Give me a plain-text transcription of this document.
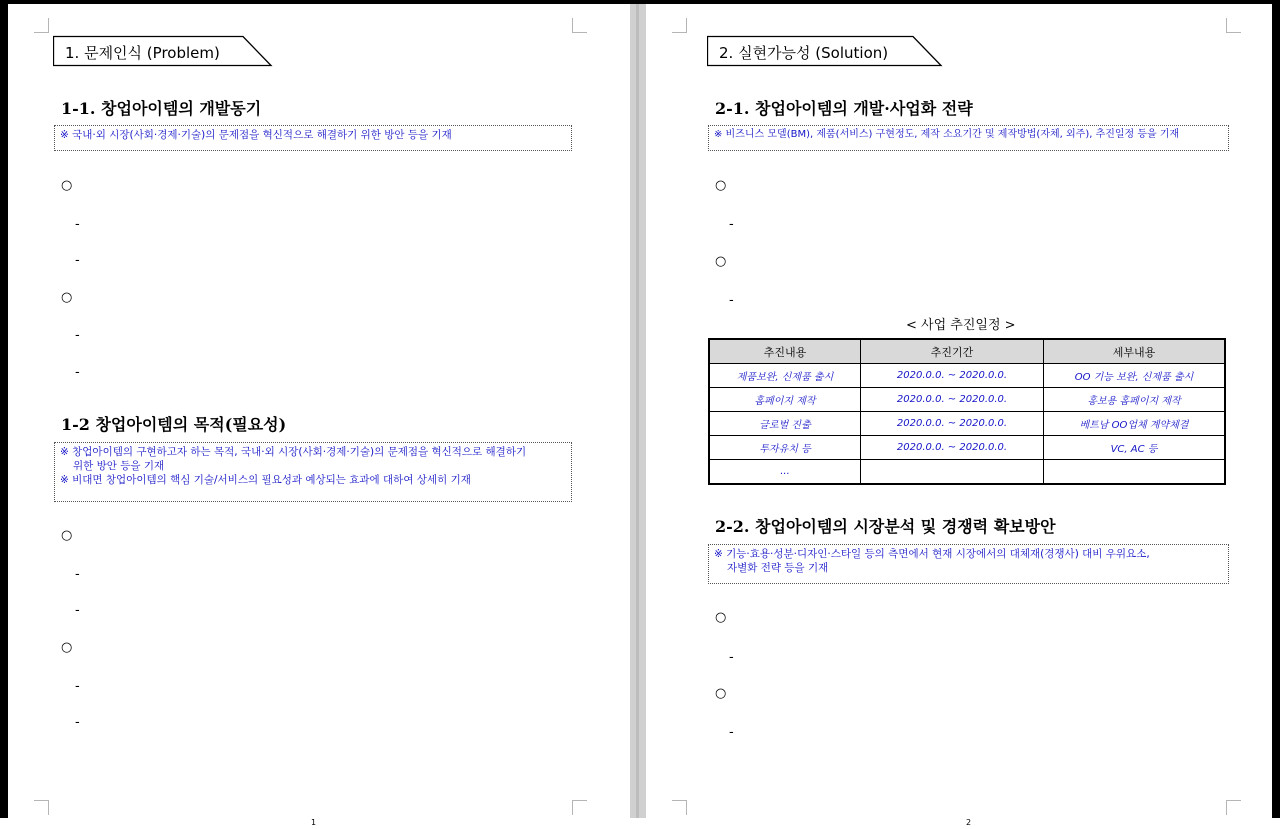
1	2
1. 문제인식 (Problem)
1-1. 창업아이템의 개발동기
※ 국내·외 시장(사회·경제·기술)의 문제점을 혁신적으로 해결하기 위한 방안 등을 기재
○
-
-
○
-
-
1-2 창업아이템의 목적(필요성)
※ 창업아이템의 구현하고자 하는 목적, 국내·외 시장(사회·경제·기술)의 문제점을 혁신적으로 해결하기
위한 방안 등을 기재
※ 비대면 창업아이템의 핵심 기술/서비스의 필요성과 예상되는 효과에 대하여 상세히 기재
○
-
-
○
-
-
2. 실현가능성 (Solution)
2-1. 창업아이템의 개발·사업화 전략
※ 비즈니스 모델(BM), 제품(서비스) 구현정도, 제작 소요기간 및 제작방법(자체, 외주), 추진일정 등을 기재
○
-
○
-
< 사업 추진일정 >
추진내용	추진기간	세부내용
제품보완, 신제품 출시	2020.0.0. ~ 2020.0.0.	OO 기능 보완, 신제품 출시
홈페이지 제작	2020.0.0. ~ 2020.0.0.	홍보용 홈페이지 제작
글로벌 진출	2020.0.0. ~ 2020.0.0.	베트남 OO업체 계약체결
투자유치 등	2020.0.0. ~ 2020.0.0.	VC, AC 등
...		
2-2. 창업아이템의 시장분석 및 경쟁력 확보방안
※ 기능·효용·성분·디자인·스타일 등의 측면에서 현재 시장에서의 대체재(경쟁사) 대비 우위요소,
자별화 전략 등을 기재
○
-
○
-
